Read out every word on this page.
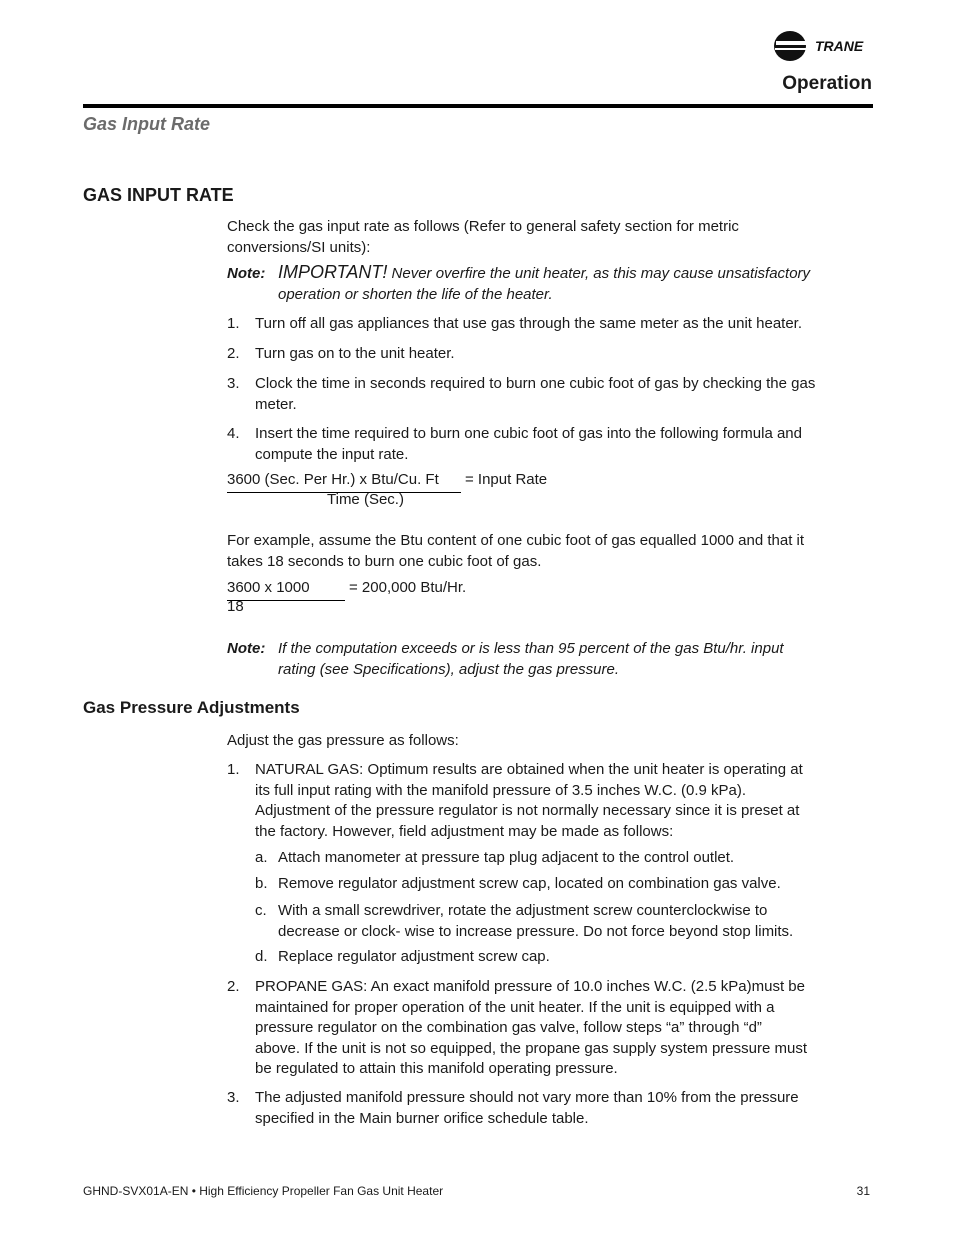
TRANE
Operation
Gas Input Rate
GAS INPUT RATE
Check the gas input rate as follows (Refer to general safety section for metric
conversions/SI units):
Note: IMPORTANT! Never overfire the unit heater, as this may cause unsatisfactory
operation or shorten the life of the heater.
1. Turn off all gas appliances that use gas through the same meter as the unit heater.
2. Turn gas on to the unit heater.
3. Clock the time in seconds required to burn one cubic foot of gas by checking the gas
meter.
4. Insert the time required to burn one cubic foot of gas into the following formula and
compute the input rate.
3600 (Sec. Per Hr.) x Btu/Cu. Ft = Input Rate
Time (Sec.)
For example, assume the Btu content of one cubic foot of gas equalled 1000 and that it
takes 18 seconds to burn one cubic foot of gas.
3600 x 1000	= 200,000 Btu/Hr.
18
Note: If the computation exceeds or is less than 95 percent of the gas Btu/hr. input
rating (see Specifications), adjust the gas pressure.
Gas Pressure Adjustments
Adjust the gas pressure as follows:
1. NATURAL GAS: Optimum results are obtained when the unit heater is operating at
its full input rating with the manifold pressure of 3.5 inches W.C. (0.9 kPa).
Adjustment of the pressure regulator is not normally necessary since it is preset at
the factory. However, field adjustment may be made as follows:
a. Attach manometer at pressure tap plug adjacent to the control outlet.
b. Remove regulator adjustment screw cap, located on combination gas valve.
c. With a small screwdriver, rotate the adjustment screw counterclockwise to
decrease or clock- wise to increase pressure. Do not force beyond stop limits.
d. Replace regulator adjustment screw cap.
2. PROPANE GAS: An exact manifold pressure of 10.0 inches W.C. (2.5 kPa)must be
maintained for proper operation of the unit heater. If the unit is equipped with a
pressure regulator on the combination gas valve, follow steps “a” through “d”
above. If the unit is not so equipped, the propane gas supply system pressure must
be regulated to attain this manifold operating pressure.
3. The adjusted manifold pressure should not vary more than 10% from the pressure
specified in the Main burner orifice schedule table.
GHND-SVX01A-EN • High Efficiency Propeller Fan Gas Unit Heater	31
